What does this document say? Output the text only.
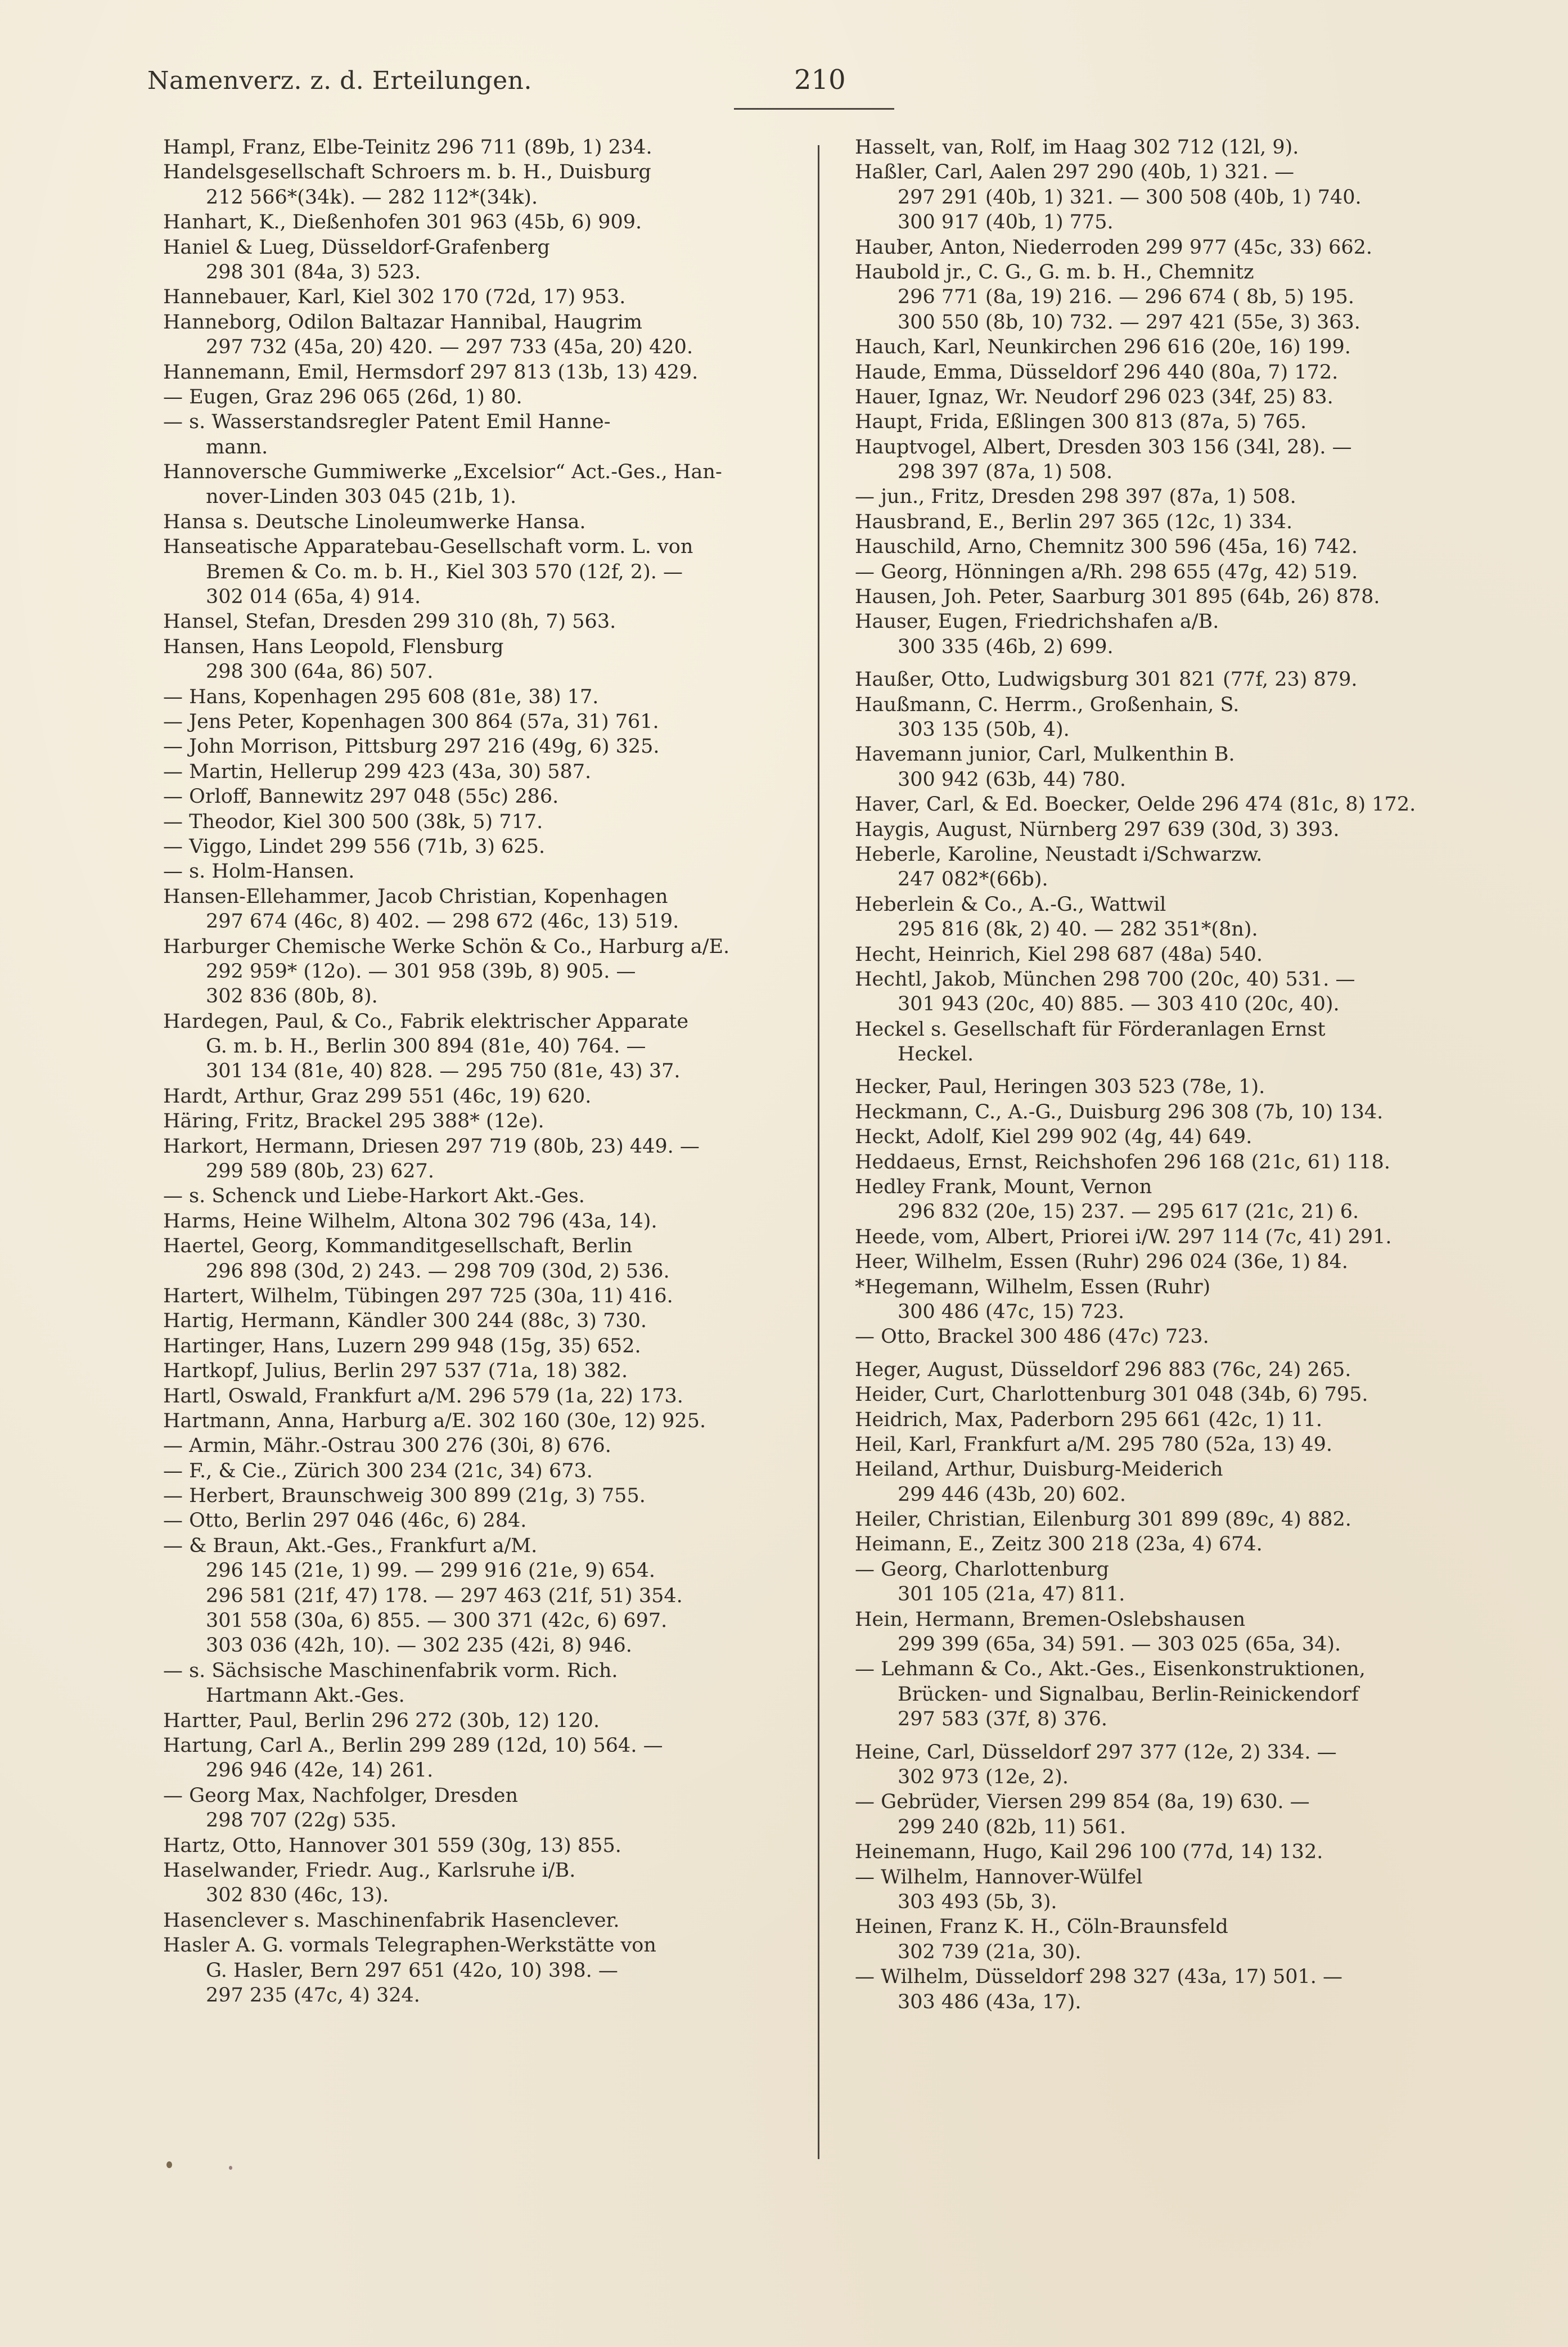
Namenverz. z. d. Erteilungen.	210
Hampl, Franz, Elbe-Teinitz 296 711 (89b, 1) 234.
Handelsgesellschaft Schroers m. b. H., Duisburg
212 566*(34k). — 282 112*(34k).
Hanhart, K., Dießenhofen 301 963 (45b, 6) 909.
Haniel & Lueg, Düsseldorf-Grafenberg
298 301 (84a, 3) 523.
Hannebauer, Karl, Kiel 302 170 (72d, 17) 953.
Hanneborg, Odilon Baltazar Hannibal, Haugrim
297 732 (45a, 20) 420. — 297 733 (45a, 20) 420.
Hannemann, Emil, Hermsdorf 297 813 (13b, 13) 429.
— Eugen, Graz 296 065 (26d, 1) 80.
— s. Wasserstandsregler Patent Emil Hanne-
mann.
Hannoversche Gummiwerke „Excelsior“ Act.-Ges., Han-
nover-Linden 303 045 (21b, 1).
Hansa s. Deutsche Linoleumwerke Hansa.
Hanseatische Apparatebau-Gesellschaft vorm. L. von
Bremen & Co. m. b. H., Kiel 303 570 (12f, 2). —
302 014 (65a, 4) 914.
Hansel, Stefan, Dresden 299 310 (8h, 7) 563.
Hansen, Hans Leopold, Flensburg
298 300 (64a, 86) 507.
— Hans, Kopenhagen 295 608 (81e, 38) 17.
— Jens Peter, Kopenhagen 300 864 (57a, 31) 761.
— John Morrison, Pittsburg 297 216 (49g, 6) 325.
— Martin, Hellerup 299 423 (43a, 30) 587.
— Orloff, Bannewitz 297 048 (55c) 286.
— Theodor, Kiel 300 500 (38k, 5) 717.
— Viggo, Lindet 299 556 (71b, 3) 625.
— s. Holm-Hansen.
Hansen-Ellehammer, Jacob Christian, Kopenhagen
297 674 (46c, 8) 402. — 298 672 (46c, 13) 519.
Harburger Chemische Werke Schön & Co., Harburg a/E.
292 959* (12o). — 301 958 (39b, 8) 905. —
302 836 (80b, 8).
Hardegen, Paul, & Co., Fabrik elektrischer Apparate
G. m. b. H., Berlin 300 894 (81e, 40) 764. —
301 134 (81e, 40) 828. — 295 750 (81e, 43) 37.
Hardt, Arthur, Graz 299 551 (46c, 19) 620.
Häring, Fritz, Brackel 295 388* (12e).
Harkort, Hermann, Driesen 297 719 (80b, 23) 449. —
299 589 (80b, 23) 627.
— s. Schenck und Liebe-Harkort Akt.-Ges.
Harms, Heine Wilhelm, Altona 302 796 (43a, 14).
Haertel, Georg, Kommanditgesellschaft, Berlin
296 898 (30d, 2) 243. — 298 709 (30d, 2) 536.
Hartert, Wilhelm, Tübingen 297 725 (30a, 11) 416.
Hartig, Hermann, Kändler 300 244 (88c, 3) 730.
Hartinger, Hans, Luzern 299 948 (15g, 35) 652.
Hartkopf, Julius, Berlin 297 537 (71a, 18) 382.
Hartl, Oswald, Frankfurt a/M. 296 579 (1a, 22) 173.
Hartmann, Anna, Harburg a/E. 302 160 (30e, 12) 925.
— Armin, Mähr.-Ostrau 300 276 (30i, 8) 676.
— F., & Cie., Zürich 300 234 (21c, 34) 673.
— Herbert, Braunschweig 300 899 (21g, 3) 755.
— Otto, Berlin 297 046 (46c, 6) 284.
— & Braun, Akt.-Ges., Frankfurt a/M.
296 145 (21e, 1) 99. — 299 916 (21e, 9) 654.
296 581 (21f, 47) 178. — 297 463 (21f, 51) 354.
301 558 (30a, 6) 855. — 300 371 (42c, 6) 697.
303 036 (42h, 10). — 302 235 (42i, 8) 946.
— s. Sächsische Maschinenfabrik vorm. Rich.
Hartmann Akt.-Ges.
Hartter, Paul, Berlin 296 272 (30b, 12) 120.
Hartung, Carl A., Berlin 299 289 (12d, 10) 564. —
296 946 (42e, 14) 261.
— Georg Max, Nachfolger, Dresden
298 707 (22g) 535.
Hartz, Otto, Hannover 301 559 (30g, 13) 855.
Haselwander, Friedr. Aug., Karlsruhe i/B.
302 830 (46c, 13).
Hasenclever s. Maschinenfabrik Hasenclever.
Hasler A. G. vormals Telegraphen-Werkstätte von
G. Hasler, Bern 297 651 (42o, 10) 398. —
297 235 (47c, 4) 324.
Hasselt, van, Rolf, im Haag 302 712 (12l, 9).
Haßler, Carl, Aalen 297 290 (40b, 1) 321. —
297 291 (40b, 1) 321. — 300 508 (40b, 1) 740.
300 917 (40b, 1) 775.
Hauber, Anton, Niederroden 299 977 (45c, 33) 662.
Haubold jr., C. G., G. m. b. H., Chemnitz
296 771 (8a, 19) 216. — 296 674 ( 8b, 5) 195.
300 550 (8b, 10) 732. — 297 421 (55e, 3) 363.
Hauch, Karl, Neunkirchen 296 616 (20e, 16) 199.
Haude, Emma, Düsseldorf 296 440 (80a, 7) 172.
Hauer, Ignaz, Wr. Neudorf 296 023 (34f, 25) 83.
Haupt, Frida, Eßlingen 300 813 (87a, 5) 765.
Hauptvogel, Albert, Dresden 303 156 (34l, 28). —
298 397 (87a, 1) 508.
— jun., Fritz, Dresden 298 397 (87a, 1) 508.
Hausbrand, E., Berlin 297 365 (12c, 1) 334.
Hauschild, Arno, Chemnitz 300 596 (45a, 16) 742.
— Georg, Hönningen a/Rh. 298 655 (47g, 42) 519.
Hausen, Joh. Peter, Saarburg 301 895 (64b, 26) 878.
Hauser, Eugen, Friedrichshafen a/B.
300 335 (46b, 2) 699.
Haußer, Otto, Ludwigsburg 301 821 (77f, 23) 879.
Haußmann, C. Herrm., Großenhain, S.
303 135 (50b, 4).
Havemann junior, Carl, Mulkenthin B.
300 942 (63b, 44) 780.
Haver, Carl, & Ed. Boecker, Oelde 296 474 (81c, 8) 172.
Haygis, August, Nürnberg 297 639 (30d, 3) 393.
Heberle, Karoline, Neustadt i/Schwarzw.
247 082*(66b).
Heberlein & Co., A.-G., Wattwil
295 816 (8k, 2) 40. — 282 351*(8n).
Hecht, Heinrich, Kiel 298 687 (48a) 540.
Hechtl, Jakob, München 298 700 (20c, 40) 531. —
301 943 (20c, 40) 885. — 303 410 (20c, 40).
Heckel s. Gesellschaft für Förderanlagen Ernst
Heckel.
Hecker, Paul, Heringen 303 523 (78e, 1).
Heckmann, C., A.-G., Duisburg 296 308 (7b, 10) 134.
Heckt, Adolf, Kiel 299 902 (4g, 44) 649.
Heddaeus, Ernst, Reichshofen 296 168 (21c, 61) 118.
Hedley Frank, Mount, Vernon
296 832 (20e, 15) 237. — 295 617 (21c, 21) 6.
Heede, vom, Albert, Priorei i/W. 297 114 (7c, 41) 291.
Heer, Wilhelm, Essen (Ruhr) 296 024 (36e, 1) 84.
*Hegemann, Wilhelm, Essen (Ruhr)
300 486 (47c, 15) 723.
— Otto, Brackel 300 486 (47c) 723.
Heger, August, Düsseldorf 296 883 (76c, 24) 265.
Heider, Curt, Charlottenburg 301 048 (34b, 6) 795.
Heidrich, Max, Paderborn 295 661 (42c, 1) 11.
Heil, Karl, Frankfurt a/M. 295 780 (52a, 13) 49.
Heiland, Arthur, Duisburg-Meiderich
299 446 (43b, 20) 602.
Heiler, Christian, Eilenburg 301 899 (89c, 4) 882.
Heimann, E., Zeitz 300 218 (23a, 4) 674.
— Georg, Charlottenburg
301 105 (21a, 47) 811.
Hein, Hermann, Bremen-Oslebshausen
299 399 (65a, 34) 591. — 303 025 (65a, 34).
— Lehmann & Co., Akt.-Ges., Eisenkonstruktionen,
Brücken- und Signalbau, Berlin-Reinickendorf
297 583 (37f, 8) 376.
Heine, Carl, Düsseldorf 297 377 (12e, 2) 334. —
302 973 (12e, 2).
— Gebrüder, Viersen 299 854 (8a, 19) 630. —
299 240 (82b, 11) 561.
Heinemann, Hugo, Kail 296 100 (77d, 14) 132.
— Wilhelm, Hannover-Wülfel
303 493 (5b, 3).
Heinen, Franz K. H., Cöln-Braunsfeld
302 739 (21a, 30).
— Wilhelm, Düsseldorf 298 327 (43a, 17) 501. —
303 486 (43a, 17).
